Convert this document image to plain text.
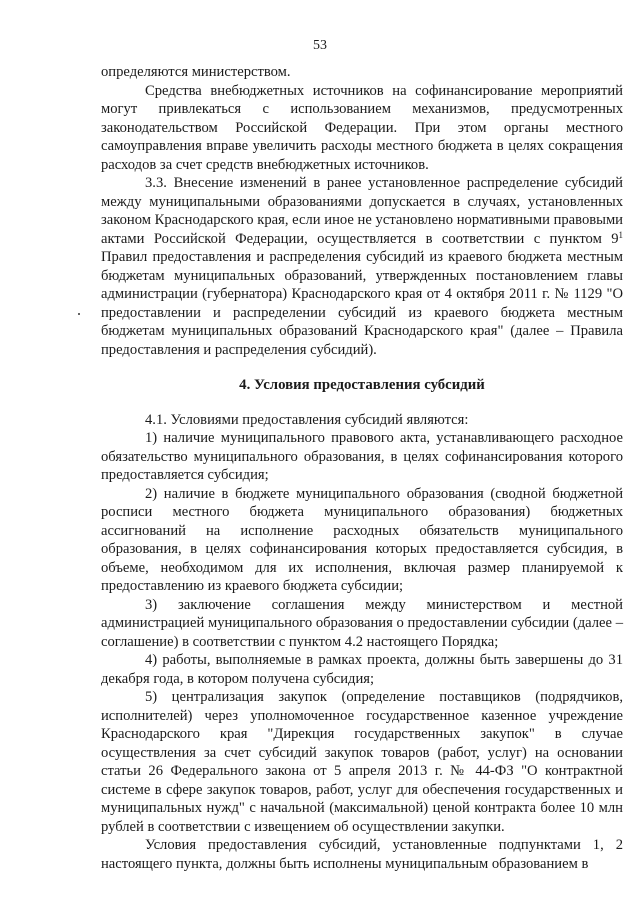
53

определяются министерством.

Средства внебюджетных источников на софинансирование мероприятий могут привлекаться с использованием механизмов, предусмотренных законодательством Российской Федерации. При этом органы местного самоуправления вправе увеличить расходы местного бюджета в целях сокращения расходов за счет средств внебюджетных источников.

3.3. Внесение изменений в ранее установленное распределение субсидий между муниципальными образованиями допускается в случаях, установленных законом Краснодарского края, если иное не установлено нормативными правовыми актами Российской Федерации, осуществляется в соответствии с пунктом $9^1$ Правил предоставления и распределения субсидий из краевого бюджета местным бюджетам муниципальных образований, утвержденных постановлением главы администрации (губернатора) Краснодарского края от 4 октября 2011 г. № 1129 "О предоставлении и распределении субсидий из краевого бюджета местным бюджетам муниципальных образований Краснодарского края" (далее – Правила предоставления и распределения субсидий).

4. Условия предоставления субсидий

4.1. Условиями предоставления субсидий являются:

1) наличие муниципального правового акта, устанавливающего расходное обязательство муниципального образования, в целях софинансирования которого предоставляется субсидия;

2) наличие в бюджете муниципального образования (сводной бюджетной росписи местного бюджета муниципального образования) бюджетных ассигнований на исполнение расходных обязательств муниципального образования, в целях софинансирования которых предоставляется субсидия, в объеме, необходимом для их исполнения, включая размер планируемой к предоставлению из краевого бюджета субсидии;

3) заключение соглашения между министерством и местной администрацией муниципального образования о предоставлении субсидии (далее – соглашение) в соответствии с пунктом 4.2 настоящего Порядка;

4) работы, выполняемые в рамках проекта, должны быть завершены до 31 декабря года, в котором получена субсидия;

5) централизация закупок (определение поставщиков (подрядчиков, исполнителей) через уполномоченное государственное казенное учреждение Краснодарского края "Дирекция государственных закупок" в случае осуществления за счет субсидий закупок товаров (работ, услуг) на основании статьи 26 Федерального закона от 5 апреля 2013 г. № 44-ФЗ "О контрактной системе в сфере закупок товаров, работ, услуг для обеспечения государственных и муниципальных нужд" с начальной (максимальной) ценой контракта более 10 млн рублей в соответствии с извещением об осуществлении закупки.

Условия предоставления субсидий, установленные подпунктами 1, 2 настоящего пункта, должны быть исполнены муниципальным образованием в
